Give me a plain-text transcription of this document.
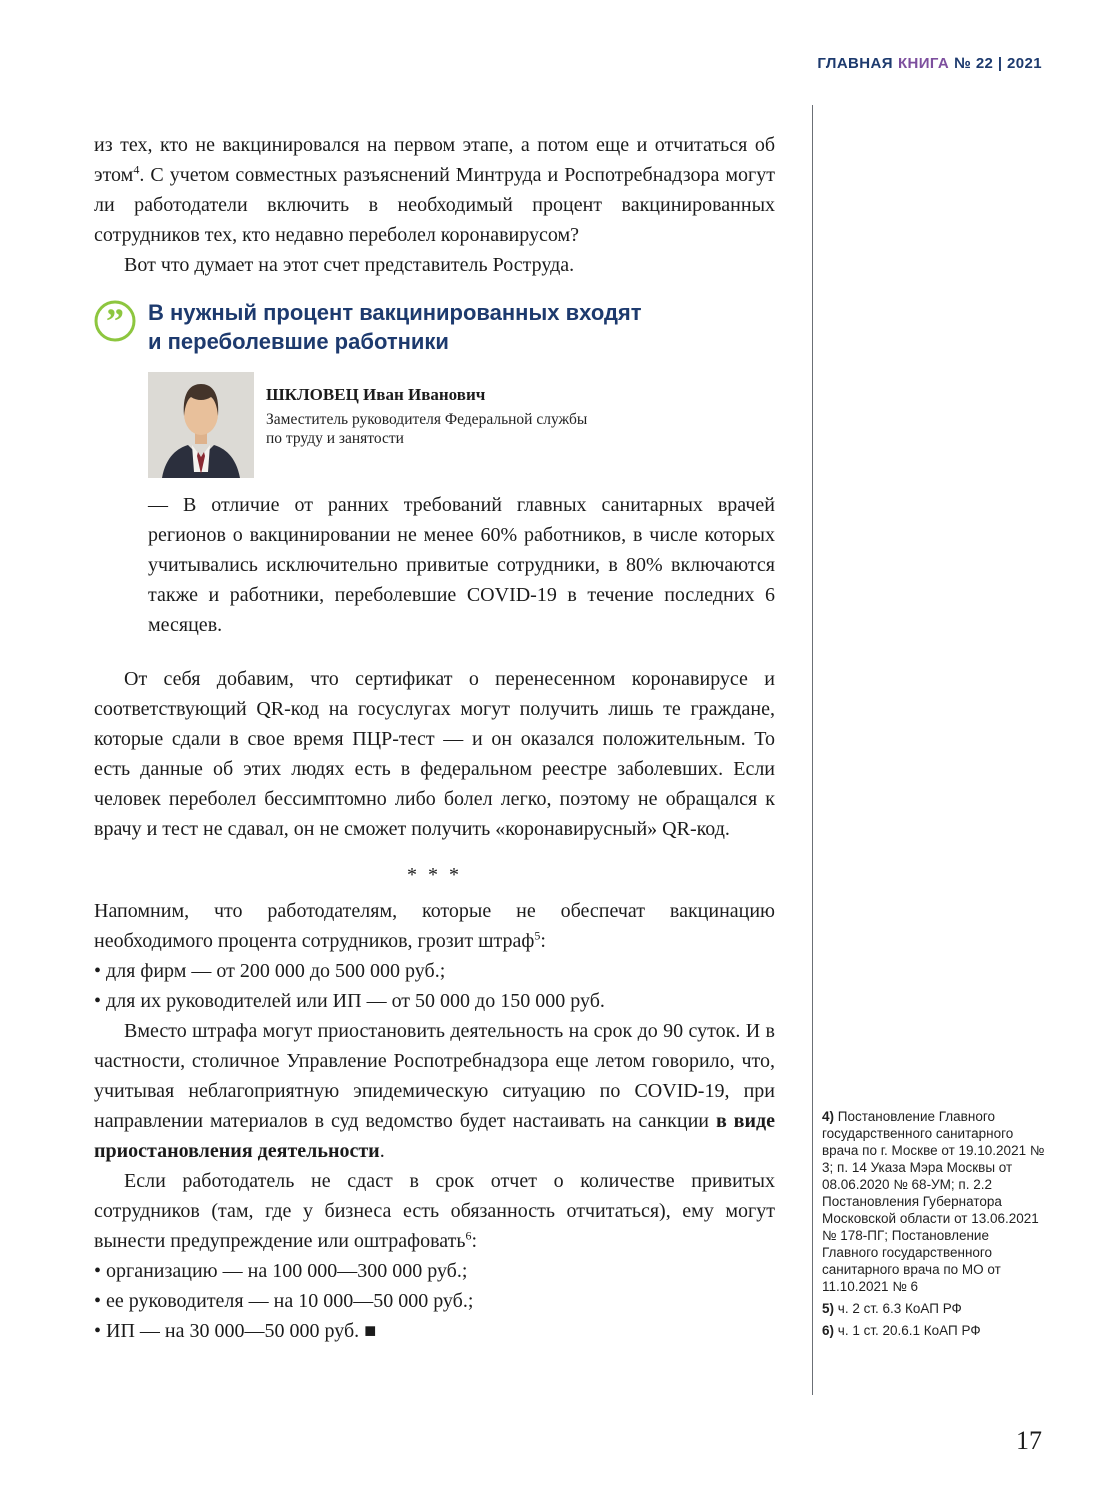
ГЛАВНАЯ КНИГА № 22 | 2021

из тех, кто не вакцинировался на первом этапе, а потом еще и отчитаться об этом$^4$. С учетом совместных разъяснений Минтруда и Роспотребнадзора могут ли работодатели включить в необходимый процент вакцинированных сотрудников тех, кто недавно переболел коронавирусом?

Вот что думает на этот счет представитель Роструда.

” В нужный процент вакцинированных входят
и переболевшие работники
ШКЛОВЕЦ Иван Иванович
Заместитель руководителя Федеральной службы
по труду и занятости

— В отличие от ранних требований главных санитарных врачей регионов о вакцинировании не менее 60% работников, в числе которых учитывались исключительно привитые сотрудники, в 80% включаются также и работники, переболевшие COVID-19 в течение последних 6 месяцев.

От себя добавим, что сертификат о перенесенном коронавирусе и соответствующий QR-код на госуслугах могут получить лишь те граждане, которые сдали в свое время ПЦР-тест — и он оказался положительным. То есть данные об этих людях есть в федеральном реестре заболевших. Если человек переболел бессимптомно либо болел легко, поэтому не обращался к врачу и тест не сдавал, он не сможет получить «коронавирусный» QR-код.

* * *

Напомним, что работодателям, которые не обеспечат вакцинацию необходимого процента сотрудников, грозит штраф$^5$:

• для фирм — от 200 000 до 500 000 руб.;
• для их руководителей или ИП — от 50 000 до 150 000 руб.

Вместо штрафа могут приостановить деятельность на срок до 90 суток. И в частности, столичное Управление Роспотребнадзора еще летом говорило, что, учитывая неблагоприятную эпидемическую ситуацию по COVID-19, при направлении материалов в суд ведомство будет настаивать на санкции в виде приостановления деятельности.

Если работодатель не сдаст в срок отчет о количестве привитых сотрудников (там, где у бизнеса есть обязанность отчитаться), ему могут вынести предупреждение или оштрафовать$^6$:

• организацию — на 100 000—300 000 руб.;
• ее руководителя — на 10 000—50 000 руб.;
• ИП — на 30 000—50 000 руб. ■
4) Постановление Главного государственного санитарного врача по г. Москве от 19.10.2021 № 3; п. 14 Указа Мэра Москвы от 08.06.2020 № 68-УМ; п. 2.2 Постановления Губернатора Московской области от 13.06.2021 № 178-ПГ; Постановление Главного государственного санитарного врача по МО от 11.10.2021 № 6
5) ч. 2 ст. 6.3 КоАП РФ
6) ч. 1 ст. 20.6.1 КоАП РФ
17
